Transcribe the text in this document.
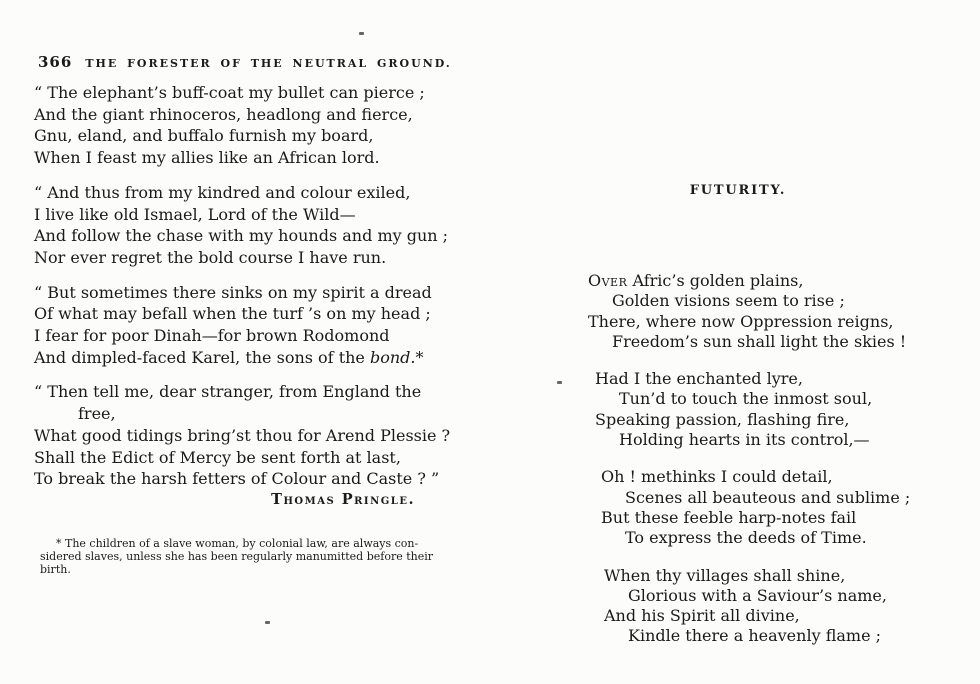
366 THE FORESTER OF THE NEUTRAL GROUND.
“ The elephant’s buff-coat my bullet can pierce ;
And the giant rhinoceros, headlong and fierce,
Gnu, eland, and buffalo furnish my board,
When I feast my allies like an African lord.
“ And thus from my kindred and colour exiled,
I live like old Ismael, Lord of the Wild—
And follow the chase with my hounds and my gun ;
Nor ever regret the bold course I have run.
“ But sometimes there sinks on my spirit a dread
Of what may befall when the turf ’s on my head ;
I fear for poor Dinah—for brown Rodomond
And dimpled-faced Karel, the sons of the bond.*
“ Then tell me, dear stranger, from England the
free,
What good tidings bring’st thou for Arend Plessie ?
Shall the Edict of Mercy be sent forth at last,
To break the harsh fetters of Colour and Caste ? ”
Thomas Pringle.
* The children of a slave woman, by colonial law, are always con-
sidered slaves, unless she has been regularly manumitted before their
birth.
FUTURITY.
Over Afric’s golden plains,
Golden visions seem to rise ;
There, where now Oppression reigns,
Freedom’s sun shall light the skies !
Had I the enchanted lyre,
Tun’d to touch the inmost soul,
Speaking passion, flashing fire,
Holding hearts in its control,—
Oh ! methinks I could detail,
Scenes all beauteous and sublime ;
But these feeble harp-notes fail
To express the deeds of Time.
When thy villages shall shine,
Glorious with a Saviour’s name,
And his Spirit all divine,
Kindle there a heavenly flame ;
